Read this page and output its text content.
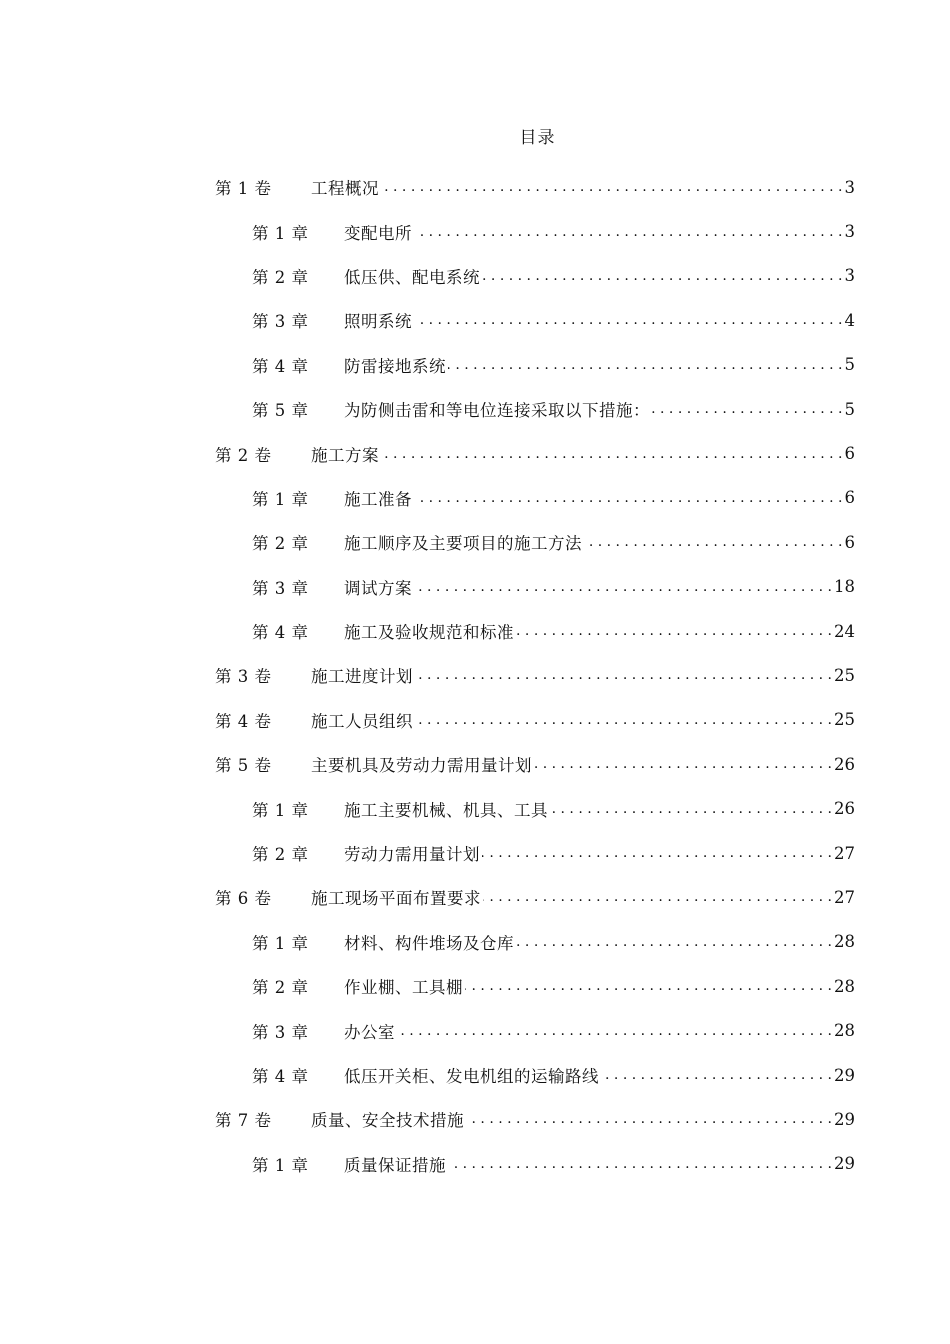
目录
第 1 卷	工程概况 . . .	3
第 1 章	变配电所 . . .	3
第 2 章	低压供、配电系统 . . .	3
第 3 章	照明系统 . . .	4
第 4 章	防雷接地系统 . . .	5
第 5 章	为防侧击雷和等电位连接采取以下措施： . . .	5
第 2 卷	施工方案 . . .	6
第 1 章	施工准备 . . .	6
第 2 章	施工顺序及主要项目的施工方法 . . .	6
第 3 章	调试方案 . . .	18
第 4 章	施工及验收规范和标准 . . .	24
第 3 卷	施工进度计划 . . .	25
第 4 卷	施工人员组织 . . .	25
第 5 卷	主要机具及劳动力需用量计划 . . .	26
第 1 章	施工主要机械、机具、工具 . . .	26
第 2 章	劳动力需用量计划 . . .	27
第 6 卷	施工现场平面布置要求 . . .	27
第 1 章	材料、构件堆场及仓库 . . .	28
第 2 章	作业棚、工具棚 . . .	28
第 3 章	办公室 . . .	28
第 4 章	低压开关柜、发电机组的运输路线 . . .	29
第 7 卷	质量、安全技术措施 . . .	29
第 1 章	质量保证措施 . . .	29
